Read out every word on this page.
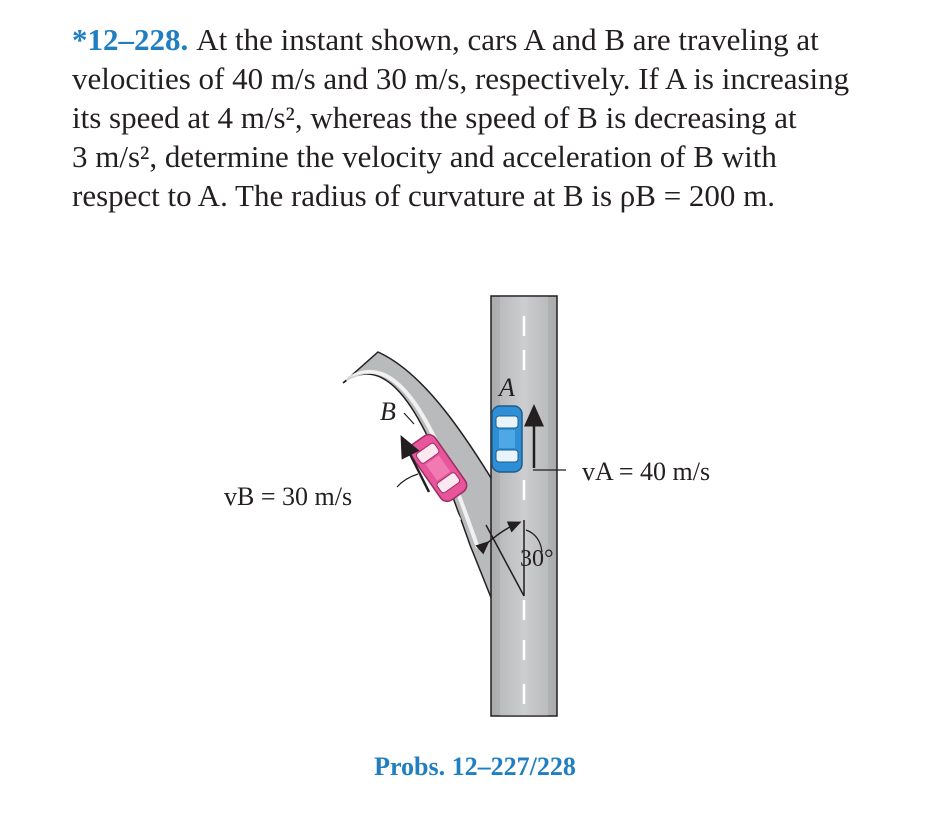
*12–228. At the instant shown, cars A and B are traveling at
velocities of 40 m/s and 30 m/s, respectively. If A is increasing
its speed at 4 m/s², whereas the speed of B is decreasing at
3 m/s², determine the velocity and acceleration of B with
respect to A. The radius of curvature at B is ρB = 200 m.
A
B
vA = 40 m/s
vB = 30 m/s
30°
Probs. 12–227/228
